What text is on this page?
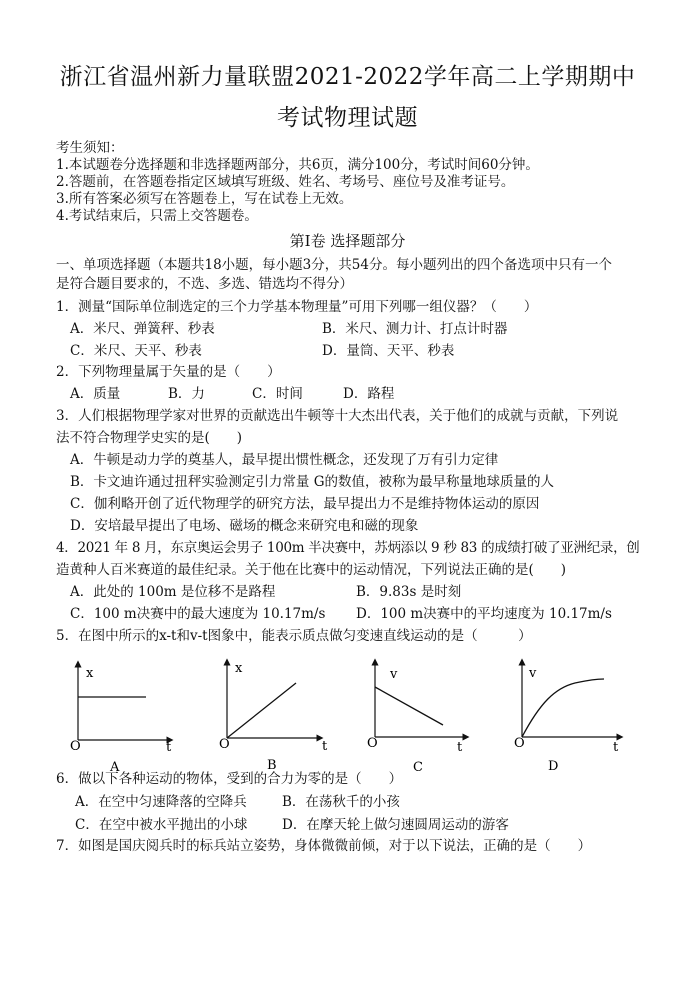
浙江省温州新力量联盟2021-2022学年高二上学期期中
考试物理试题
考生须知：
1.本试题卷分选择题和非选择题两部分，共6页，满分100分，考试时间60分钟。
2.答题前，在答题卷指定区域填写班级、姓名、考场号、座位号及准考证号。
3.所有答案必须写在答题卷上，写在试卷上无效。
4.考试结束后，只需上交答题卷。
第Ⅰ卷 选择题部分
一、单项选择题（本题共18小题，每小题3分，共54分。每小题列出的四个备选项中只有一个
是符合题目要求的，不选、多选、错选均不得分）
1．测量“国际单位制选定的三个力学基本物理量”可用下列哪一组仪器？（　　）
A．米尺、弹簧秤、秒表	B．米尺、测力计、打点计时器
C．米尺、天平、秒表	D．量筒、天平、秒表
2．下列物理量属于矢量的是（　　）
A．质量	B．力	C．时间	D．路程
3．人们根据物理学家对世界的贡献选出牛顿等十大杰出代表，关于他们的成就与贡献，下列说
法不符合物理学史实的是(　　)
A．牛顿是动力学的奠基人，最早提出惯性概念，还发现了万有引力定律
B．卡文迪许通过扭秤实验测定引力常量 G的数值，被称为最早称量地球质量的人
C．伽利略开创了近代物理学的研究方法，最早提出力不是维持物体运动的原因
D．安培最早提出了电场、磁场的概念来研究电和磁的现象
4．2021 年 8 月，东京奥运会男子 100m 半决赛中，苏炳添以 9 秒 83 的成绩打破了亚洲纪录，创
造黄种人百米赛道的最佳纪录。关于他在比赛中的运动情况，下列说法正确的是(　　)
A．此处的 100m 是位移不是路程	B．9.83s 是时刻
C．100 m决赛中的最大速度为 10.17m/s D．100 m决赛中的平均速度为 10.17m/s
5．在图中所示的x-t和v-t图象中，能表示质点做匀变速直线运动的是（　　　）
x
O	t
A
x
O	t
B
v
O	t
C
v
O	t
D
6．做以下各种运动的物体，受到的合力为零的是（　　）
A．在空中匀速降落的空降兵	B．在荡秋千的小孩
C．在空中被水平抛出的小球	D．在摩天轮上做匀速圆周运动的游客
7．如图是国庆阅兵时的标兵站立姿势，身体微微前倾，对于以下说法，正确的是（　　）
